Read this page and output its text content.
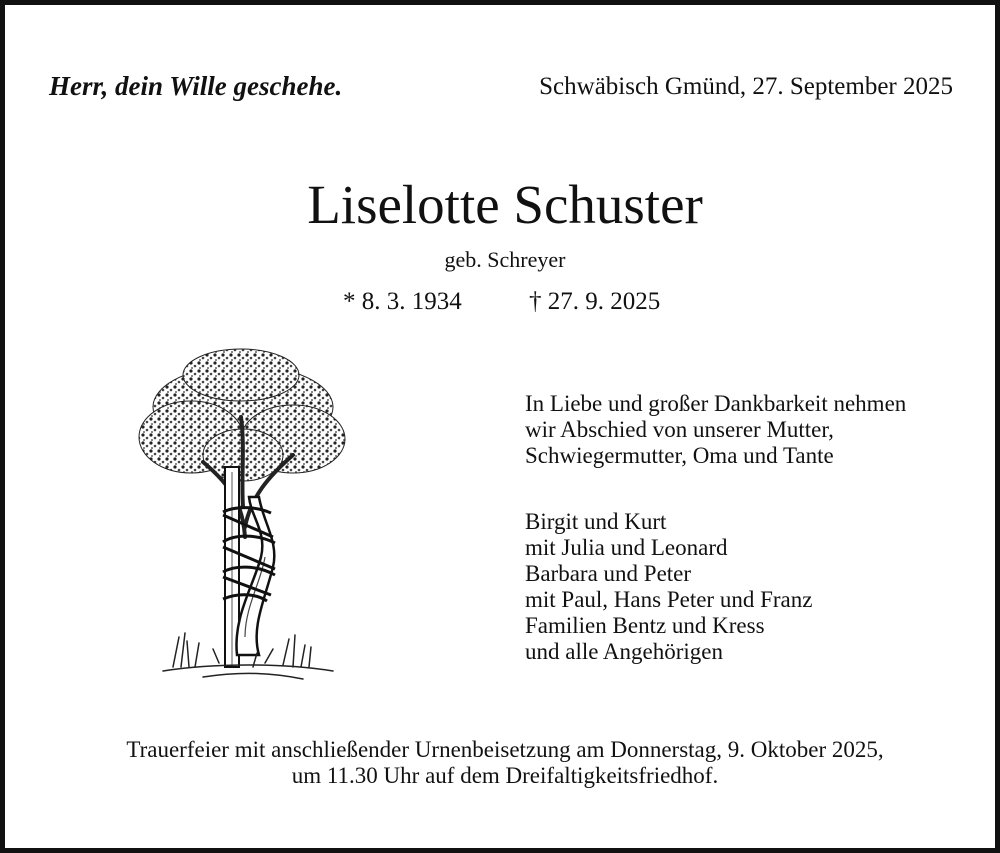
Herr, dein Wille geschehe.	Schwäbisch Gmünd, 27. September 2025
Liselotte Schuster
geb. Schreyer
* 8. 3. 1934	† 27. 9. 2025
In Liebe und großer Dankbarkeit nehmen
wir Abschied von unserer Mutter,
Schwiegermutter, Oma und Tante
Birgit und Kurt
mit Julia und Leonard
Barbara und Peter
mit Paul, Hans Peter und Franz
Familien Bentz und Kress
und alle Angehörigen
Trauerfeier mit anschließender Urnenbeisetzung am Donnerstag, 9. Oktober 2025,
um 11.30 Uhr auf dem Dreifaltigkeitsfriedhof.
